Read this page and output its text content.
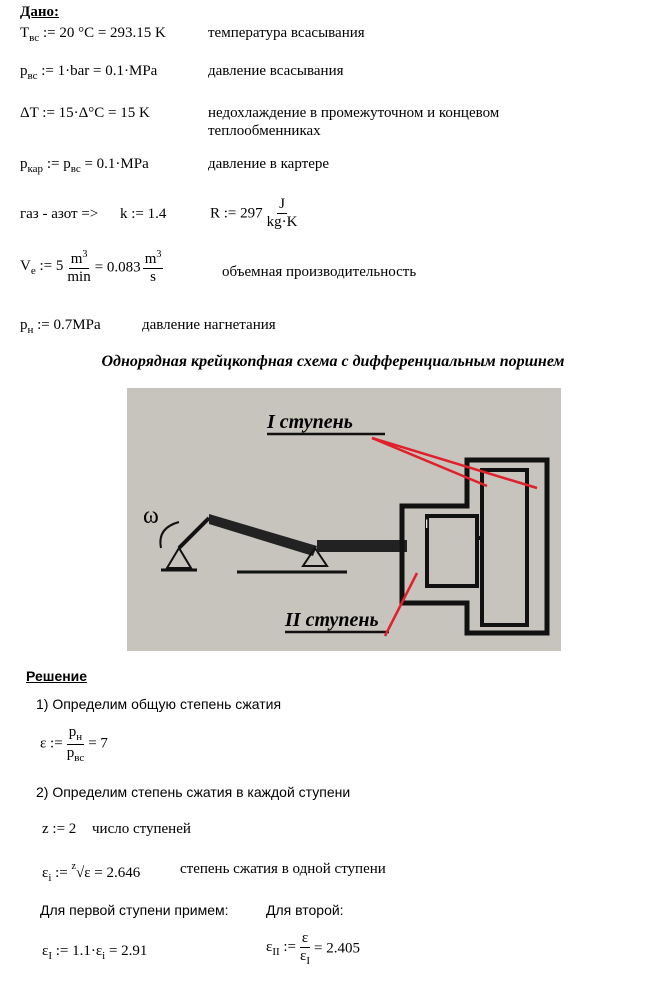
Дано:
$T_{вс}$ := 20 °C = 293.15 K	температура всасывания
$p_{вс}$ := 1·bar = 0.1·MPa	давление всасывания
ΔT := 15·Δ°C = 15 K	недохлаждение в промежуточном и концевом
теплообменниках
$p_{кар}$ := $p_{вс} = 0.1\cdot MPa$	давление в картере
газ - азот => k := 1.4	R := $297 \frac{J}{kg\cdot K}$
$V_e$ := $5 \frac{m^3}{\min} = 0.083 \frac{m^3}{s}$	объемная производительность
$p_н$ := 0.7MPa	давление нагнетания
Однорядная крейцкопфная схема с дифференциальным поршнем
I ступень
II ступень
ω	I
Решение
1) Определим общую степень сжатия
ε := $\frac{p_н}{p_{вс}} = 7$
2) Определим степень сжатия в каждой ступени
z := 2 число ступеней
$\varepsilon_i$ := $^z$√ε = 2.646	степень сжатия в одной ступени
Для первой ступени примем:	Для второй:
$\varepsilon_I$ := $1.1\cdot\varepsilon_i = 2.91$	$\varepsilon_{II}$ := $\frac{\varepsilon}{\varepsilon_I} = 2.405$
